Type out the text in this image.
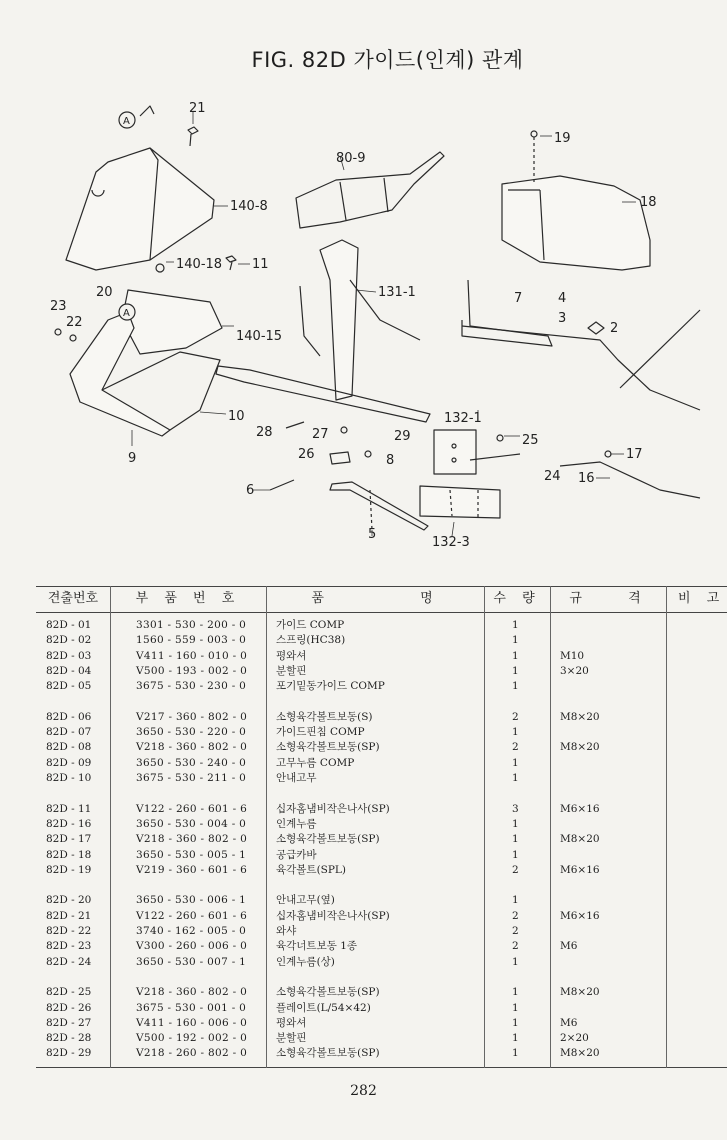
FIG. 82D 가이드(인계) 관계
21
80-9
19
18
140-8
140-18 11
131-1	7	4
3
2
23
22
20
140-15
10
9
28	27	29
132-1
25
26	8
24 16
17
6
5
132-3
A
A
견출번호	부 품 번 호	품 명	수 량	규 격	비 고
82D - 01	3301 - 530 - 200 - 0	가이드 COMP	1
82D - 02	1560 - 559 - 003 - 0	스프링(HC38)	1
82D - 03	V411 - 160 - 010 - 0	평와셔	1	M10
82D - 04	V500 - 193 - 002 - 0	분할핀	1	3×20
82D - 05	3675 - 530 - 230 - 0	포기밑동가이드 COMP	1
82D - 06	V217 - 360 - 802 - 0	소형육각볼트보동(S)	2	M8×20
82D - 07	3650 - 530 - 220 - 0	가이드핀침 COMP	1
82D - 08	V218 - 360 - 802 - 0	소형육각볼트보동(SP)	2	M8×20
82D - 09	3650 - 530 - 240 - 0	고무누름 COMP	1
82D - 10	3675 - 530 - 211 - 0	안내고무	1
82D - 11	V122 - 260 - 601 - 6	십자홈냄비작은나사(SP)	3	M6×16
82D - 16	3650 - 530 - 004 - 0	인계누름	1
82D - 17	V218 - 360 - 802 - 0	소형육각볼트보동(SP)	1	M8×20
82D - 18	3650 - 530 - 005 - 1	공급카바	1
82D - 19	V219 - 360 - 601 - 6	육각볼트(SPL)	2	M6×16
82D - 20	3650 - 530 - 006 - 1	안내고무(옆)	1
82D - 21	V122 - 260 - 601 - 6	십자홈냄비작은나사(SP)	2	M6×16
82D - 22	3740 - 162 - 005 - 0	와샤	2
82D - 23	V300 - 260 - 006 - 0	육각너트보동 1종	2	M6
82D - 24	3650 - 530 - 007 - 1	인계누름(상)	1
82D - 25	V218 - 360 - 802 - 0	소형육각볼트보동(SP)	1	M8×20
82D - 26	3675 - 530 - 001 - 0	플레이트(L/54×42)	1
82D - 27	V411 - 160 - 006 - 0	평와셔	1	M6
82D - 28	V500 - 192 - 002 - 0	분할핀	1	2×20
82D - 29	V218 - 260 - 802 - 0	소형육각볼트보동(SP)	1	M8×20
282
